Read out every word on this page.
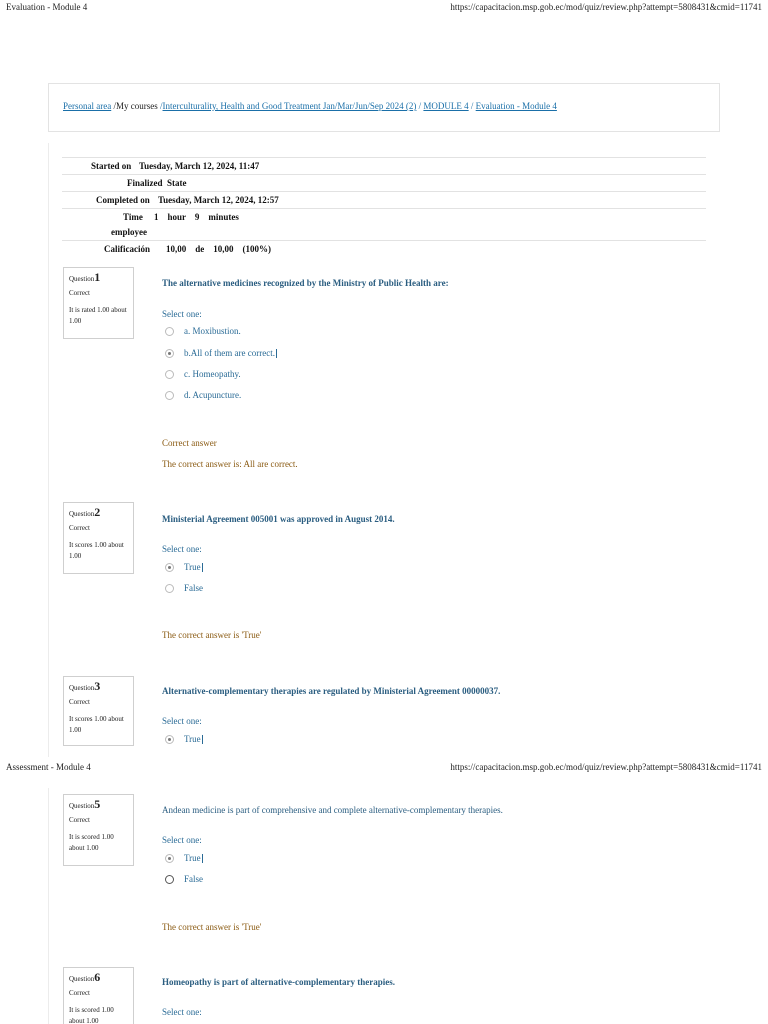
Evaluation - Module 4	https://capacitacion.msp.gob.ec/mod/quiz/review.php?attempt=5808431&cmid=11741
Personal area /My courses /Interculturality, Health and Good Treatment Jan/Mar/Jun/Sep 2024 (2) / MODULE 4 / Evaluation - Module 4
Started on Tuesday, March 12, 2024, 11:47
Finalized State
Completed on Tuesday, March 12, 2024, 12:57
Time 1    hour    9    minutes
employee
Calificación 10,00    de    10,00    (100%)
Question1
Correct
It is rated 1.00 about 1.00
The alternative medicines recognized by the Ministry of Public Health are:
Select one:
a. Moxibustion.
b.All of them are correct.
c. Homeopathy.
d. Acupuncture.
Correct answer
The correct answer is: All are correct.
Question2
Correct
It scores 1.00 about 1.00
Ministerial Agreement 005001 was approved in August 2014.
Select one:
True
False
The correct answer is 'True'
Question3
Correct
It scores 1.00 about 1.00
Alternative-complementary therapies are regulated by Ministerial Agreement 00000037.
Select one:
True
Assessment - Module 4	https://capacitacion.msp.gob.ec/mod/quiz/review.php?attempt=5808431&cmid=11741
Question5
Correct
It is scored 1.00 about 1.00
Andean medicine is part of comprehensive and complete alternative-complementary therapies.
Select one:
True
False
The correct answer is 'True'
Question6
Correct
It is scored 1.00 about 1.00
Homeopathy is part of alternative-complementary therapies.
Select one:
